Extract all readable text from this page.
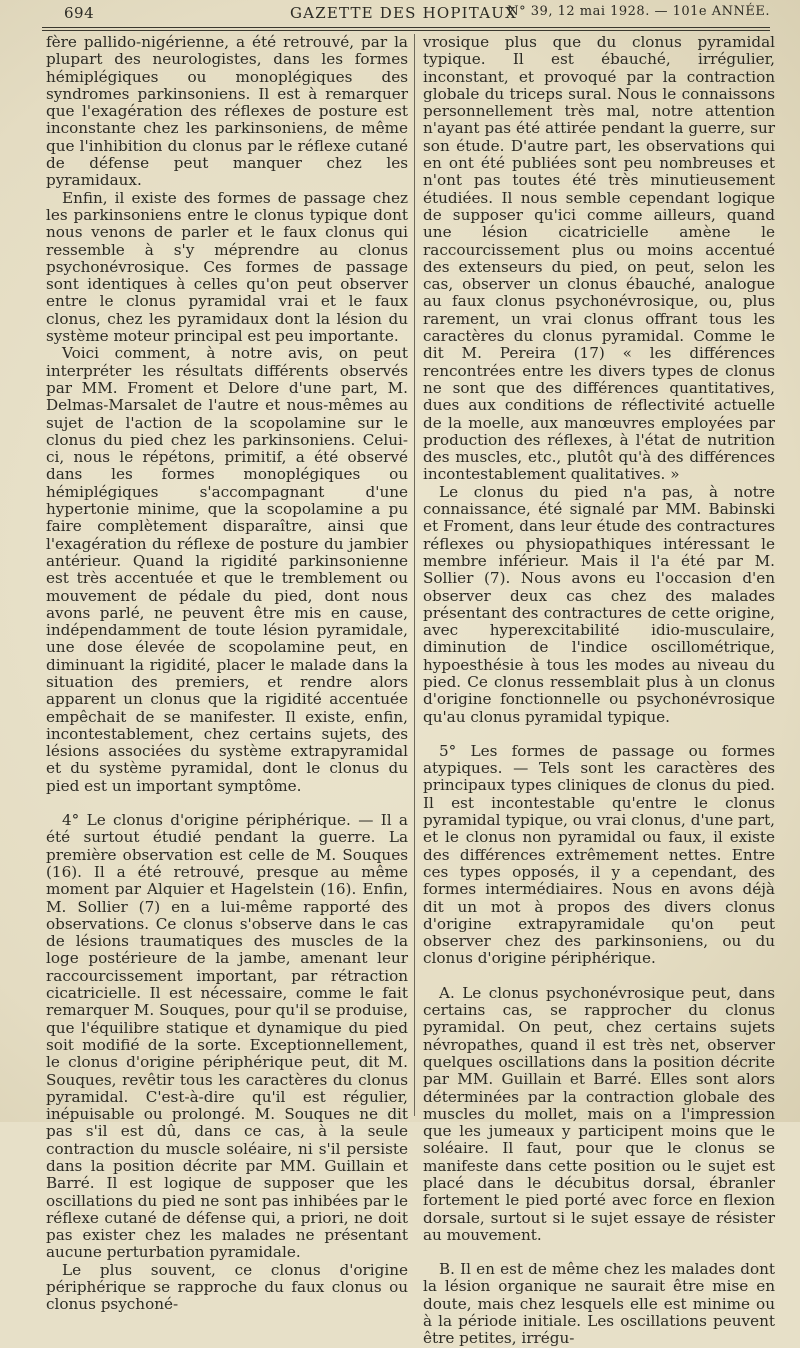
694	GAZETTE DES HOPITAUX
N° 39, 12 mai 1928. — 101e ANNÉE.

fère pallido-nigérienne, a été retrouvé, par la plupart des neurologistes, dans les formes hémiplégiques ou monoplégiques des syndromes parkinsoniens. Il est à remarquer que l'exagération des réflexes de posture est inconstante chez les parkinsoniens, de même que l'inhibition du clonus par le réflexe cutané de défense peut manquer chez les pyramidaux.

Enfin, il existe des formes de passage chez les parkinsoniens entre le clonus typique dont nous venons de parler et le faux clonus qui ressemble à s'y méprendre au clonus psychonévrosique. Ces formes de passage sont identiques à celles qu'on peut observer entre le clonus pyramidal vrai et le faux clonus, chez les pyramidaux dont la lésion du système moteur principal est peu importante.

Voici comment, à notre avis, on peut interpréter les résultats différents observés par MM. Froment et Delore d'une part, M. Delmas-Marsalet de l'autre et nous-mêmes au sujet de l'action de la scopolamine sur le clonus du pied chez les parkinsoniens. Celui-ci, nous le répétons, primitif, a été observé dans les formes monoplégiques ou hémiplégiques s'accompagnant d'une hypertonie minime, que la scopolamine a pu faire complètement disparaître, ainsi que l'exagération du réflexe de posture du jambier antérieur. Quand la rigidité parkinsonienne est très accentuée et que le tremblement ou mouvement de pédale du pied, dont nous avons parlé, ne peuvent être mis en cause, indépendamment de toute lésion pyramidale, une dose élevée de scopolamine peut, en diminuant la rigidité, placer le malade dans la situation des premiers, et rendre alors apparent un clonus que la rigidité accentuée empêchait de se manifester. Il existe, enfin, incontestablement, chez certains sujets, des lésions associées du système extrapyramidal et du système pyramidal, dont le clonus du pied est un important symptôme.

4° Le clonus d'origine périphérique. — Il a été surtout étudié pendant la guerre. La première observation est celle de M. Souques (16). Il a été retrouvé, presque au même moment par Alquier et Hagelstein (16). Enfin, M. Sollier (7) en a lui-même rapporté des observations. Ce clonus s'observe dans le cas de lésions traumatiques des muscles de la loge postérieure de la jambe, amenant leur raccourcissement important, par rétraction cicatricielle. Il est nécessaire, comme le fait remarquer M. Souques, pour qu'il se produise, que l'équilibre statique et dynamique du pied soit modifié de la sorte. Exceptionnellement, le clonus d'origine périphérique peut, dit M. Souques, revêtir tous les caractères du clonus pyramidal. C'est-à-dire qu'il est régulier, inépuisable ou prolongé. M. Souques ne dit pas s'il est dû, dans ce cas, à la seule contraction du muscle soléaire, ni s'il persiste dans la position décrite par MM. Guillain et Barré. Il est logique de supposer que les oscillations du pied ne sont pas inhibées par le réflexe cutané de défense qui, a priori, ne doit pas exister chez les malades ne présentant aucune perturbation pyramidale.

Le plus souvent, ce clonus d'origine périphérique se rapproche du faux clonus ou clonus psychoné-

vrosique plus que du clonus pyramidal typique. Il est ébauché, irrégulier, inconstant, et provoqué par la contraction globale du triceps sural. Nous le connaissons personnellement très mal, notre attention n'ayant pas été attirée pendant la guerre, sur son étude. D'autre part, les observations qui en ont été publiées sont peu nombreuses et n'ont pas toutes été très minutieusement étudiées. Il nous semble cependant logique de supposer qu'ici comme ailleurs, quand une lésion cicatricielle amène le raccourcissement plus ou moins accentué des extenseurs du pied, on peut, selon les cas, observer un clonus ébauché, analogue au faux clonus psychonévrosique, ou, plus rarement, un vrai clonus offrant tous les caractères du clonus pyramidal. Comme le dit M. Pereira (17) « les différences rencontrées entre les divers types de clonus ne sont que des différences quantitatives, dues aux conditions de réflectivité actuelle de la moelle, aux manœuvres employées par production des réflexes, à l'état de nutrition des muscles, etc., plutôt qu'à des différences incontestablement qualitatives. »

Le clonus du pied n'a pas, à notre connaissance, été signalé par MM. Babinski et Froment, dans leur étude des contractures réflexes ou physiopathiques intéressant le membre inférieur. Mais il l'a été par M. Sollier (7). Nous avons eu l'occasion d'en observer deux cas chez des malades présentant des contractures de cette origine, avec hyperexcitabilité idio-musculaire, diminution de l'indice oscillométrique, hypoesthésie à tous les modes au niveau du pied. Ce clonus ressemblait plus à un clonus d'origine fonctionnelle ou psychonévrosique qu'au clonus pyramidal typique.

5° Les formes de passage ou formes atypiques. — Tels sont les caractères des principaux types cliniques de clonus du pied. Il est incontestable qu'entre le clonus pyramidal typique, ou vrai clonus, d'une part, et le clonus non pyramidal ou faux, il existe des différences extrêmement nettes. Entre ces types opposés, il y a cependant, des formes intermédiaires. Nous en avons déjà dit un mot à propos des divers clonus d'origine extrapyramidale qu'on peut observer chez des parkinsoniens, ou du clonus d'origine périphérique.

A. Le clonus psychonévrosique peut, dans certains cas, se rapprocher du clonus pyramidal. On peut, chez certains sujets névropathes, quand il est très net, observer quelques oscillations dans la position décrite par MM. Guillain et Barré. Elles sont alors déterminées par la contraction globale des muscles du mollet, mais on a l'impression que les jumeaux y participent moins que le soléaire. Il faut, pour que le clonus se manifeste dans cette position ou le sujet est placé dans le décubitus dorsal, ébranler fortement le pied porté avec force en flexion dorsale, surtout si le sujet essaye de résister au mouvement.

B. Il en est de même chez les malades dont la lésion organique ne saurait être mise en doute, mais chez lesquels elle est minime ou à la période initiale. Les oscillations peuvent être petites, irrégu-
